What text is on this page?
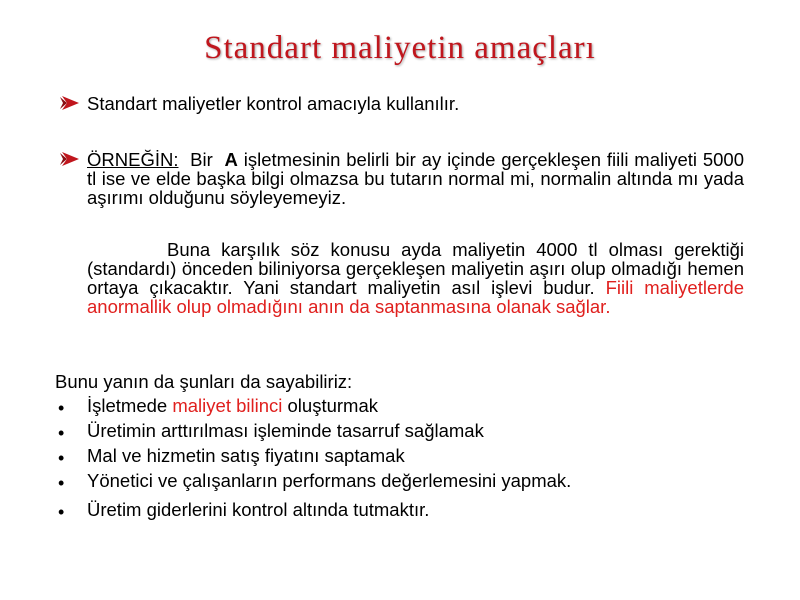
Standart maliyetin amaçları
Standart maliyetler kontrol amacıyla kullanılır.
ÖRNEĞİN:  Bir  A işletmesinin belirli bir ay içinde gerçekleşen fiili maliyeti 5000 tl ise ve elde başka bilgi olmazsa bu tutarın normal mi, normalin altında mı yada aşırımı olduğunu söyleyemeyiz.
Buna karşılık söz konusu ayda maliyetin 4000 tl olması gerektiği (standardı) önceden biliniyorsa gerçekleşen maliyetin aşırı olup olmadığı hemen ortaya çıkacaktır. Yani standart maliyetin asıl işlevi budur. Fiili maliyetlerde anormallik olup olmadığını anın da saptanmasına olanak sağlar.
Bunu yanın da şunları da sayabiliriz:
• İşletmede maliyet bilinci oluşturmak
• Üretimin arttırılması işleminde tasarruf sağlamak
• Mal ve hizmetin satış fiyatını saptamak
• Yönetici ve çalışanların performans değerlemesini yapmak.
• Üretim giderlerini kontrol altında tutmaktır.
